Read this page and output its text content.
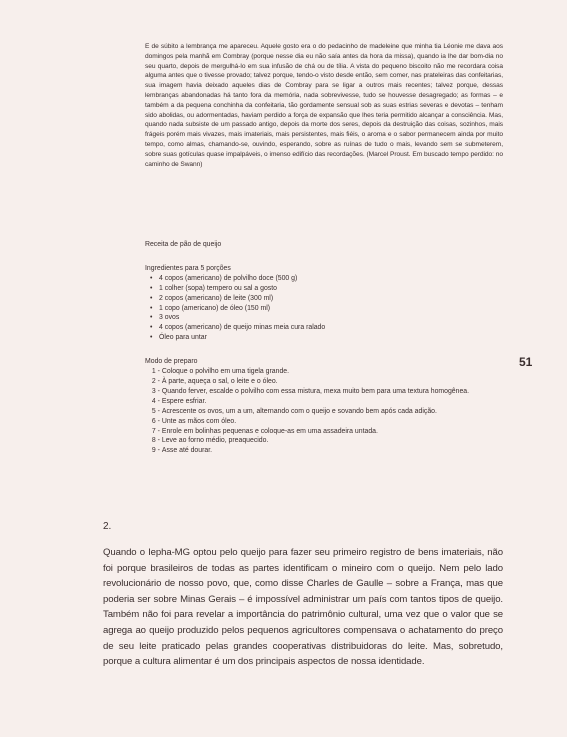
E de súbito a lembrança me apareceu. Aquele gosto era o do pedacinho de madeleine que minha tia Léonie me dava aos domingos pela manhã em Combray (porque nesse dia eu não saía antes da hora da missa), quando ia lhe dar bom-dia no seu quarto, depois de mergulhá-lo em sua infusão de chá ou de tília. A vista do pequeno biscoito não me recordara coisa alguma antes que o tivesse provado; talvez porque, tendo-o visto desde então, sem comer, nas prateleiras das confeitarias, sua imagem havia deixado aqueles dias de Combray para se ligar a outros mais recentes; talvez porque, dessas lembranças abandonadas há tanto fora da memória, nada sobrevivesse, tudo se houvesse desagregado; as formas – e também a da pequena conchinha da confeitaria, tão gordamente sensual sob as suas estrias severas e devotas – tenham sido abolidas, ou adormentadas, haviam perdido a força de expansão que lhes teria permitido alcançar a consciência. Mas, quando nada subsiste de um passado antigo, depois da morte dos seres, depois da destruição das coisas, sozinhos, mais frágeis porém mais vivazes, mais imateriais, mais persistentes, mais fiéis, o aroma e o sabor permanecem ainda por muito tempo, como almas, chamando-se, ouvindo, esperando, sobre as ruínas de tudo o mais, levando sem se submeterem, sobre suas gotículas quase impalpáveis, o imenso edifício das recordações. (Marcel Proust. Em buscado tempo perdido: no caminho de Swann)

Receita de pão de queijo

Ingredientes para 5 porções

• 4 copos (americano) de polvilho doce (500 g)
• 1 colher (sopa) tempero ou sal a gosto
• 2 copos (americano) de leite (300 ml)
• 1 copo (americano) de óleo (150 ml)
• 3 ovos
• 4 copos (americano) de queijo minas meia cura ralado
• Óleo para untar

Modo de preparo

1 - Coloque o polvilho em uma tigela grande.
2 - À parte, aqueça o sal, o leite e o óleo.
3 - Quando ferver, escalde o polvilho com essa mistura, mexa muito bem para uma textura homogênea.
4 - Espere esfriar.
5 - Acrescente os ovos, um a um, alternando com o queijo e sovando bem após cada adição.
6 - Unte as mãos com óleo.
7 - Enrole em bolinhas pequenas e coloque-as em uma assadeira untada.
8 - Leve ao forno médio, preaquecido.
9 - Asse até dourar.
51
2.

Quando o Iepha-MG optou pelo queijo para fazer seu primeiro registro de bens imateriais, não foi porque brasileiros de todas as partes identificam o mineiro com o queijo. Nem pelo lado revolucionário de nosso povo, que, como disse Charles de Gaulle – sobre a França, mas que poderia ser sobre Minas Gerais – é impossível administrar um país com tantos tipos de queijo. Também não foi para revelar a importância do patrimônio cultural, uma vez que o valor que se agrega ao queijo produzido pelos pequenos agricultores compensava o achatamento do preço de seu leite praticado pelas grandes cooperativas distribuidoras do leite. Mas, sobretudo, porque a cultura alimentar é um dos principais aspectos de nossa identidade.
